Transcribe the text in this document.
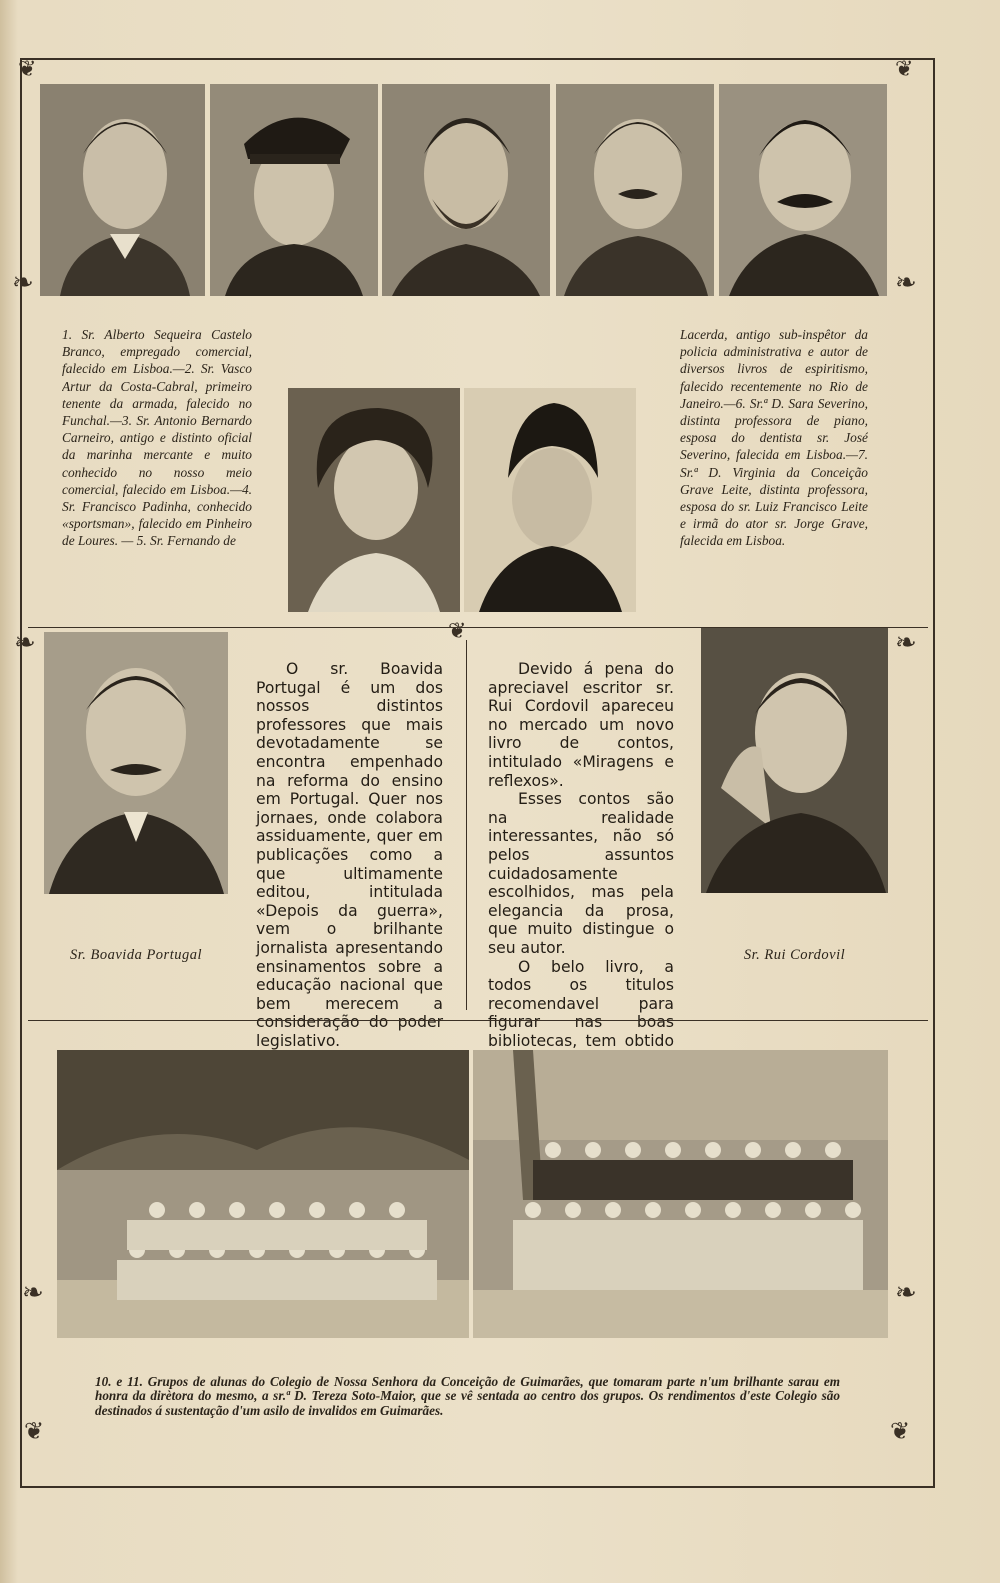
❦	❦
❧	❧
❧	❧
❦
❧	❧
❦	❦

1. Sr. Alberto Sequeira Castelo Branco, empregado comercial, falecido em Lisboa.—2. Sr. Vasco Artur da Costa-Cabral, primeiro tenente da armada, falecido no Funchal.—3. Sr. Antonio Bernardo Carneiro, antigo e distinto oficial da marinha mercante e muito conhecido no nosso meio comercial, falecido em Lisboa.—4. Sr. Francisco Padinha, conhecido «sportsman», falecido em Pinheiro de Loures. — 5. Sr. Fernando de

Lacerda, antigo sub-inspêtor da policia administrativa e autor de diversos livros de espiritismo, falecido recentemente no Rio de Janeiro.—6. Sr.ª D. Sara Severino, distinta professora de piano, esposa do dentista sr. José Severino, falecida em Lisboa.—7. Sr.ª D. Virginia da Conceição Grave Leite, distinta professora, esposa do sr. Luiz Francisco Leite e irmã do ator sr. Jorge Grave, falecida em Lisboa.

Sr. Boavida Portugal

O sr. Boavida Portugal é um dos nossos distintos professores que mais devotadamente se encontra empenhado na reforma do ensino em Portugal. Quer nos jornaes, onde colabora assiduamente, quer em publicações como a que ultimamente editou, intitulada «Depois da guerra», vem o brilhante jornalista apresentando ensinamentos sobre a educação nacional que bem merecem a consideração do poder legislativo.

Devido á pena do apreciavel escritor sr. Rui Cordovil apareceu no mercado um novo livro de contos, intitulado «Miragens e reflexos».

Esses contos são na realidade interessantes, não só pelos assuntos cuidadosamente escolhidos, mas pela elegancia da prosa, que muito distingue o seu autor.

O belo livro, a todos os titulos recomendavel para figurar nas boas bibliotecas, tem obtido

Sr. Rui Cordovil
10. e 11. Grupos de alunas do Colegio de Nossa Senhora da Conceição de Guimarães, que tomaram parte n'um brilhante sarau em honra da dirètora do mesmo, a sr.ª D. Tereza Soto-Maior, que se vê sentada ao centro dos grupos. Os rendimentos d'este Colegio são destinados á sustentação d'um asilo de invalidos em Guimarães.
